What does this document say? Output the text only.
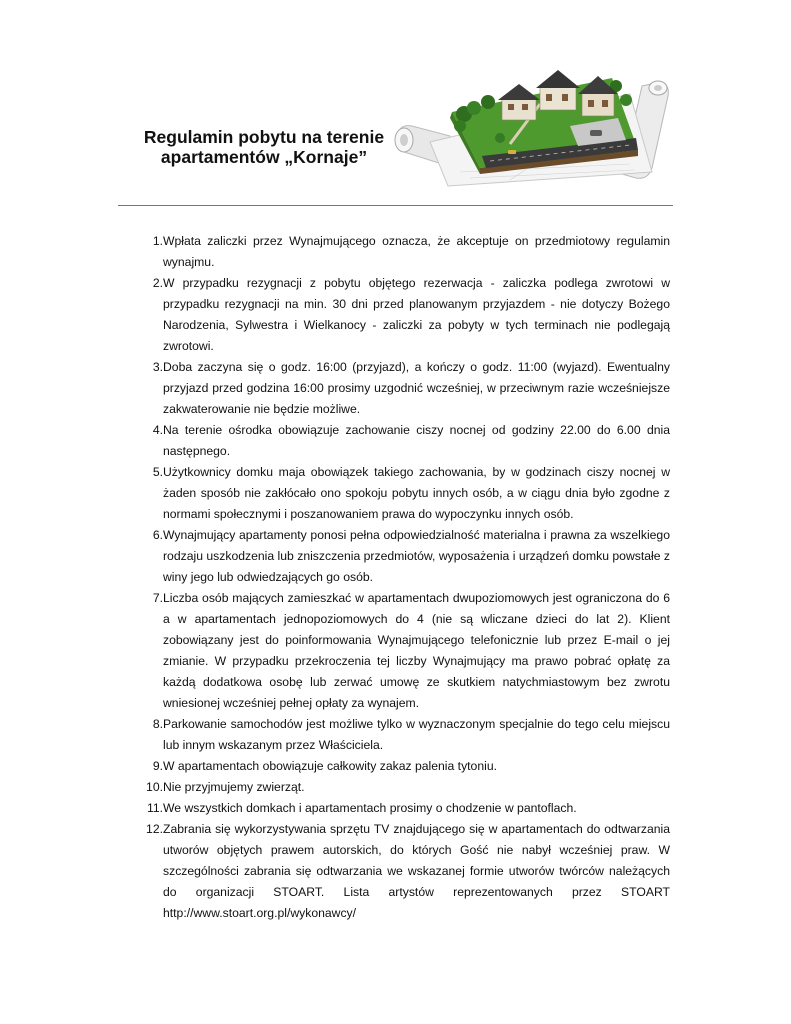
Regulamin pobytu na terenie
apartamentów „Kornaje”
1. Wpłata zaliczki przez Wynajmującego oznacza, że akceptuje on przedmiotowy regulamin wynajmu.

2. W przypadku rezygnacji z pobytu objętego rezerwacja - zaliczka podlega zwrotowi w przypadku rezygnacji na min. 30 dni przed planowanym przyjazdem - nie dotyczy Bożego Narodzenia, Sylwestra i Wielkanocy - zaliczki za pobyty w tych terminach nie podlegają zwrotowi.

3. Doba zaczyna się o godz. 16:00 (przyjazd), a kończy o godz. 11:00 (wyjazd). Ewentualny przyjazd przed godzina 16:00 prosimy uzgodnić wcześniej, w przeciwnym razie wcześniejsze zakwaterowanie nie będzie możliwe.

4. Na terenie ośrodka obowiązuje zachowanie ciszy nocnej od godziny 22.00 do 6.00 dnia następnego.

5. Użytkownicy domku maja obowiązek takiego zachowania, by w godzinach ciszy nocnej w żaden sposób nie zakłócało ono spokoju pobytu innych osób, a w ciągu dnia było zgodne z normami społecznymi i poszanowaniem prawa do wypoczynku innych osób.

6. Wynajmujący apartamenty ponosi pełna odpowiedzialność materialna i prawna za wszelkiego rodzaju uszkodzenia lub zniszczenia przedmiotów, wyposażenia i urządzeń domku powstałe z winy jego lub odwiedzających go osób.

7. Liczba osób mających zamieszkać w apartamentach dwupoziomowych jest ograniczona do 6 a w apartamentach jednopoziomowych do 4 (nie są wliczane dzieci do lat 2). Klient zobowiązany jest do poinformowania Wynajmującego telefonicznie lub przez E-mail o jej zmianie. W przypadku przekroczenia tej liczby Wynajmujący ma prawo pobrać opłatę za każdą dodatkowa osobę lub zerwać umowę ze skutkiem natychmiastowym bez zwrotu wniesionej wcześniej pełnej opłaty za wynajem.

8. Parkowanie samochodów jest możliwe tylko w wyznaczonym specjalnie do tego celu miejscu lub innym wskazanym przez Właściciela.

9. W apartamentach obowiązuje całkowity zakaz palenia tytoniu.

10. Nie przyjmujemy zwierząt.

11. We wszystkich domkach i apartamentach prosimy o chodzenie w pantoflach.

12. Zabrania się wykorzystywania sprzętu TV znajdującego się w apartamentach do odtwarzania utworów objętych prawem autorskich, do których Gość nie nabył wcześniej praw. W szczególności zabrania się odtwarzania we wskazanej formie utworów twórców należących do organizacji STOART. Lista artystów reprezentowanych przez STOART http://www.stoart.org.pl/wykonawcy/
